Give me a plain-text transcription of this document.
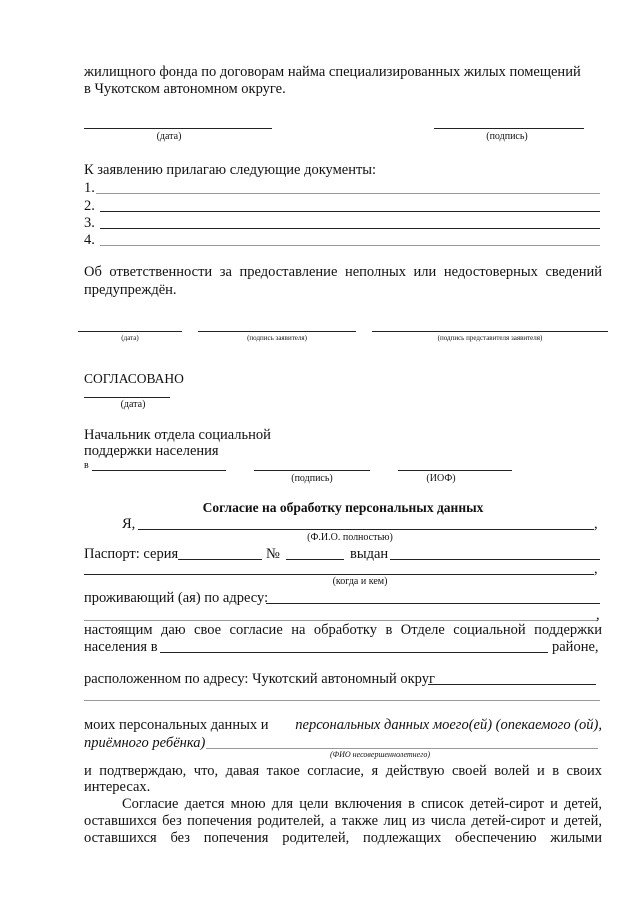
жилищного фонда по договорам найма специализированных жилых помещений
в Чукотском автономном округе.
(дата)	(подпись)
К заявлению прилагаю следующие документы:
1.
2.
3.
4.
Об ответственности за предоставление неполных или недостоверных сведений
предупреждён.
(дата)	(подпись заявителя)	(подпись представителя заявителя)
СОГЛАСОВАНО
(дата)
Начальник отдела социальной
поддержки населения
в
(подпись)	(ИОФ)
Согласие на обработку персональных данных
Я,	,
(Ф.И.О. полностью)
Паспорт: серия	№	выдан
,
(когда и кем)
проживающий (ая) по адресу:
,
настоящим даю свое согласие на обработку в Отделе социальной поддержки
населения в	районе,
расположенном по адресу: Чукотский автономный округ
моих персональных данных и персональных данных моего(ей) (опекаемого (ой),
приёмного ребёнка)
(ФИО несовершеннолетнего)
и подтверждаю, что, давая такое согласие, я действую своей волей и в своих
интересах.
Согласие дается мною для цели включения в список детей-сирот и детей,
оставшихся без попечения родителей, а также лиц из числа детей-сирот и детей,
оставшихся без попечения родителей, подлежащих обеспечению жилыми
